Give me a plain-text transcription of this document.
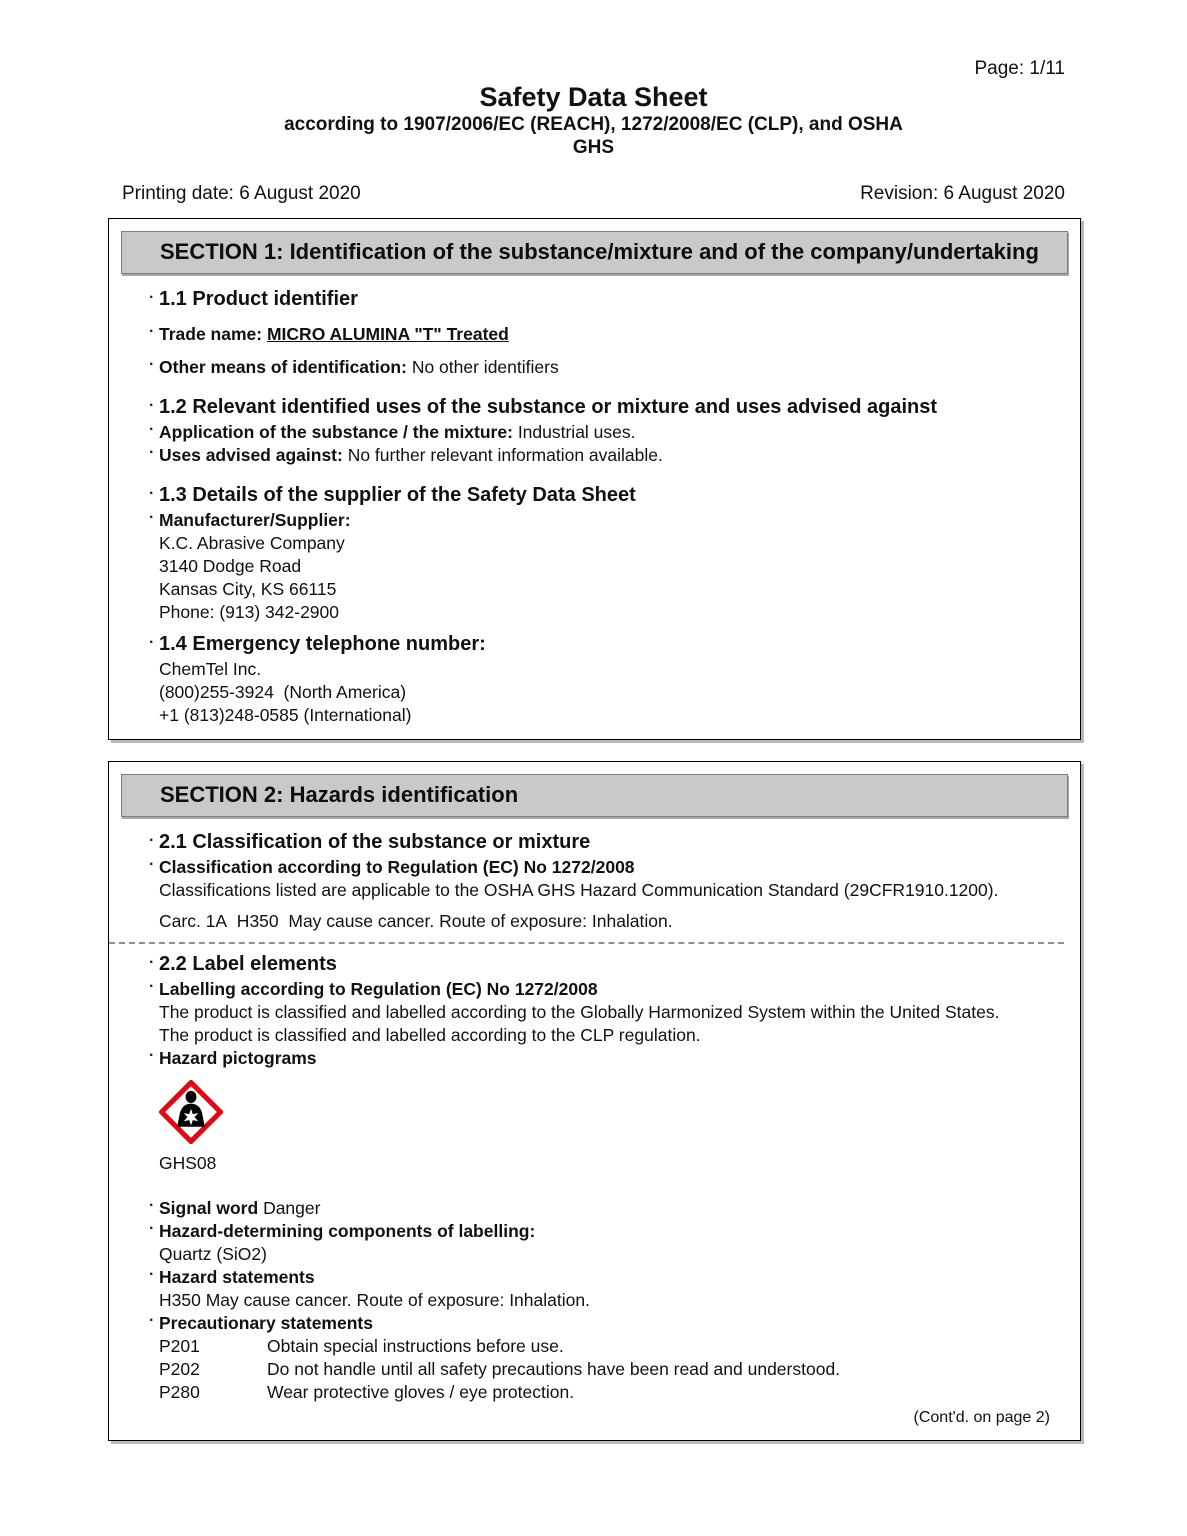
Page: 1/11
Safety Data Sheet
according to 1907/2006/EC (REACH), 1272/2008/EC (CLP), and OSHA
GHS
Printing date: 6 August 2020	Revision: 6 August 2020
SECTION 1: Identification of the substance/mixture and of the company/undertaking
· 1.1 Product identifier
· Trade name: MICRO ALUMINA "T" Treated
· Other means of identification: No other identifiers
· 1.2 Relevant identified uses of the substance or mixture and uses advised against
· Application of the substance / the mixture: Industrial uses.
· Uses advised against: No further relevant information available.
· 1.3 Details of the supplier of the Safety Data Sheet
· Manufacturer/Supplier:
K.C. Abrasive Company
3140 Dodge Road
Kansas City, KS 66115
Phone: (913) 342-2900
· 1.4 Emergency telephone number:
ChemTel Inc.
(800)255-3924  (North America)
+1 (813)248-0585 (International)
SECTION 2: Hazards identification
· 2.1 Classification of the substance or mixture
· Classification according to Regulation (EC) No 1272/2008
Classifications listed are applicable to the OSHA GHS Hazard Communication Standard (29CFR1910.1200).
Carc. 1A  H350  May cause cancer. Route of exposure: Inhalation.
· 2.2 Label elements
· Labelling according to Regulation (EC) No 1272/2008
The product is classified and labelled according to the Globally Harmonized System within the United States.
The product is classified and labelled according to the CLP regulation.
· Hazard pictograms
GHS08
· Signal word Danger
· Hazard-determining components of labelling:
Quartz (SiO2)
· Hazard statements
H350 May cause cancer. Route of exposure: Inhalation.
· Precautionary statements
P201	Obtain special instructions before use.
P202	Do not handle until all safety precautions have been read and understood.
P280	Wear protective gloves / eye protection.
(Cont'd. on page 2)
